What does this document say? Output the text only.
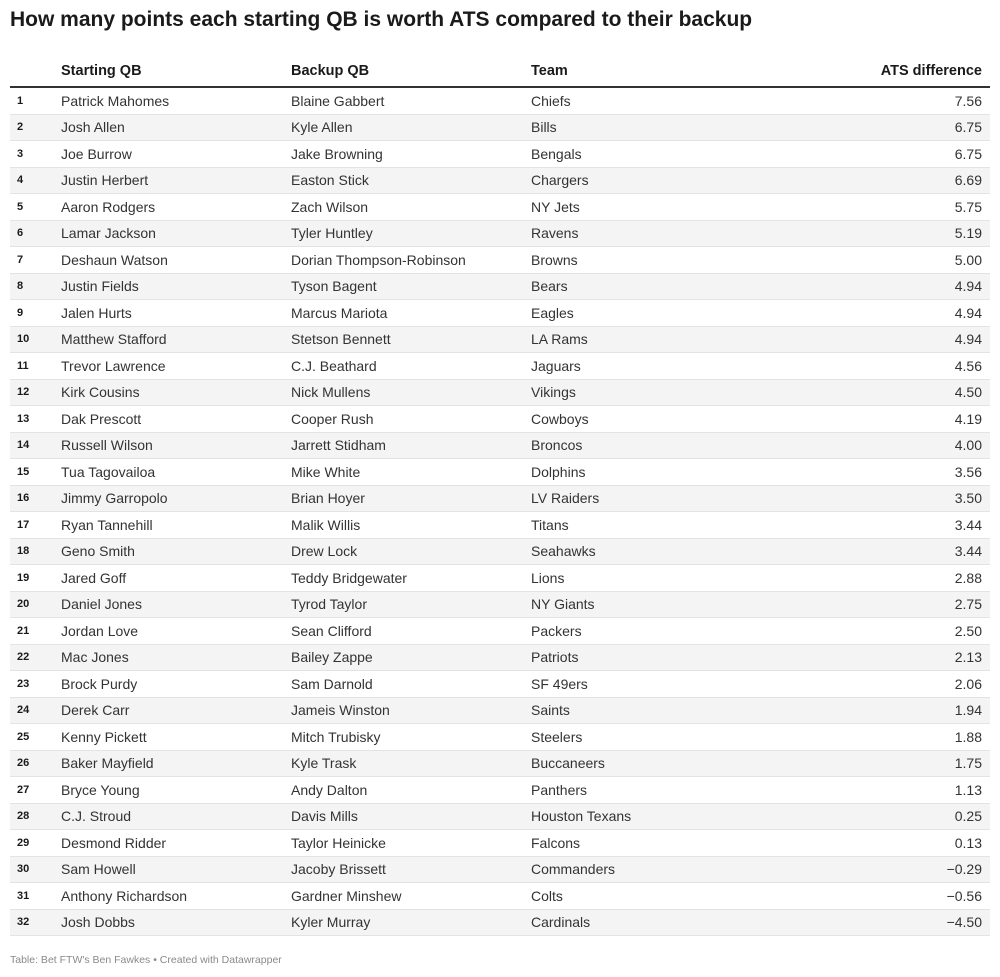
How many points each starting QB is worth ATS compared to their backup
	Starting QB	Backup QB	Team	ATS difference
1	Patrick Mahomes	Blaine Gabbert	Chiefs	7.56
2	Josh Allen	Kyle Allen	Bills	6.75
3	Joe Burrow	Jake Browning	Bengals	6.75
4	Justin Herbert	Easton Stick	Chargers	6.69
5	Aaron Rodgers	Zach Wilson	NY Jets	5.75
6	Lamar Jackson	Tyler Huntley	Ravens	5.19
7	Deshaun Watson	Dorian Thompson-Robinson	Browns	5.00
8	Justin Fields	Tyson Bagent	Bears	4.94
9	Jalen Hurts	Marcus Mariota	Eagles	4.94
10	Matthew Stafford	Stetson Bennett	LA Rams	4.94
11	Trevor Lawrence	C.J. Beathard	Jaguars	4.56
12	Kirk Cousins	Nick Mullens	Vikings	4.50
13	Dak Prescott	Cooper Rush	Cowboys	4.19
14	Russell Wilson	Jarrett Stidham	Broncos	4.00
15	Tua Tagovailoa	Mike White	Dolphins	3.56
16	Jimmy Garropolo	Brian Hoyer	LV Raiders	3.50
17	Ryan Tannehill	Malik Willis	Titans	3.44
18	Geno Smith	Drew Lock	Seahawks	3.44
19	Jared Goff	Teddy Bridgewater	Lions	2.88
20	Daniel Jones	Tyrod Taylor	NY Giants	2.75
21	Jordan Love	Sean Clifford	Packers	2.50
22	Mac Jones	Bailey Zappe	Patriots	2.13
23	Brock Purdy	Sam Darnold	SF 49ers	2.06
24	Derek Carr	Jameis Winston	Saints	1.94
25	Kenny Pickett	Mitch Trubisky	Steelers	1.88
26	Baker Mayfield	Kyle Trask	Buccaneers	1.75
27	Bryce Young	Andy Dalton	Panthers	1.13
28	C.J. Stroud	Davis Mills	Houston Texans	0.25
29	Desmond Ridder	Taylor Heinicke	Falcons	0.13
30	Sam Howell	Jacoby Brissett	Commanders	−0.29
31	Anthony Richardson	Gardner Minshew	Colts	−0.56
32	Josh Dobbs	Kyler Murray	Cardinals	−4.50
Table: Bet FTW's Ben Fawkes • Created with Datawrapper
